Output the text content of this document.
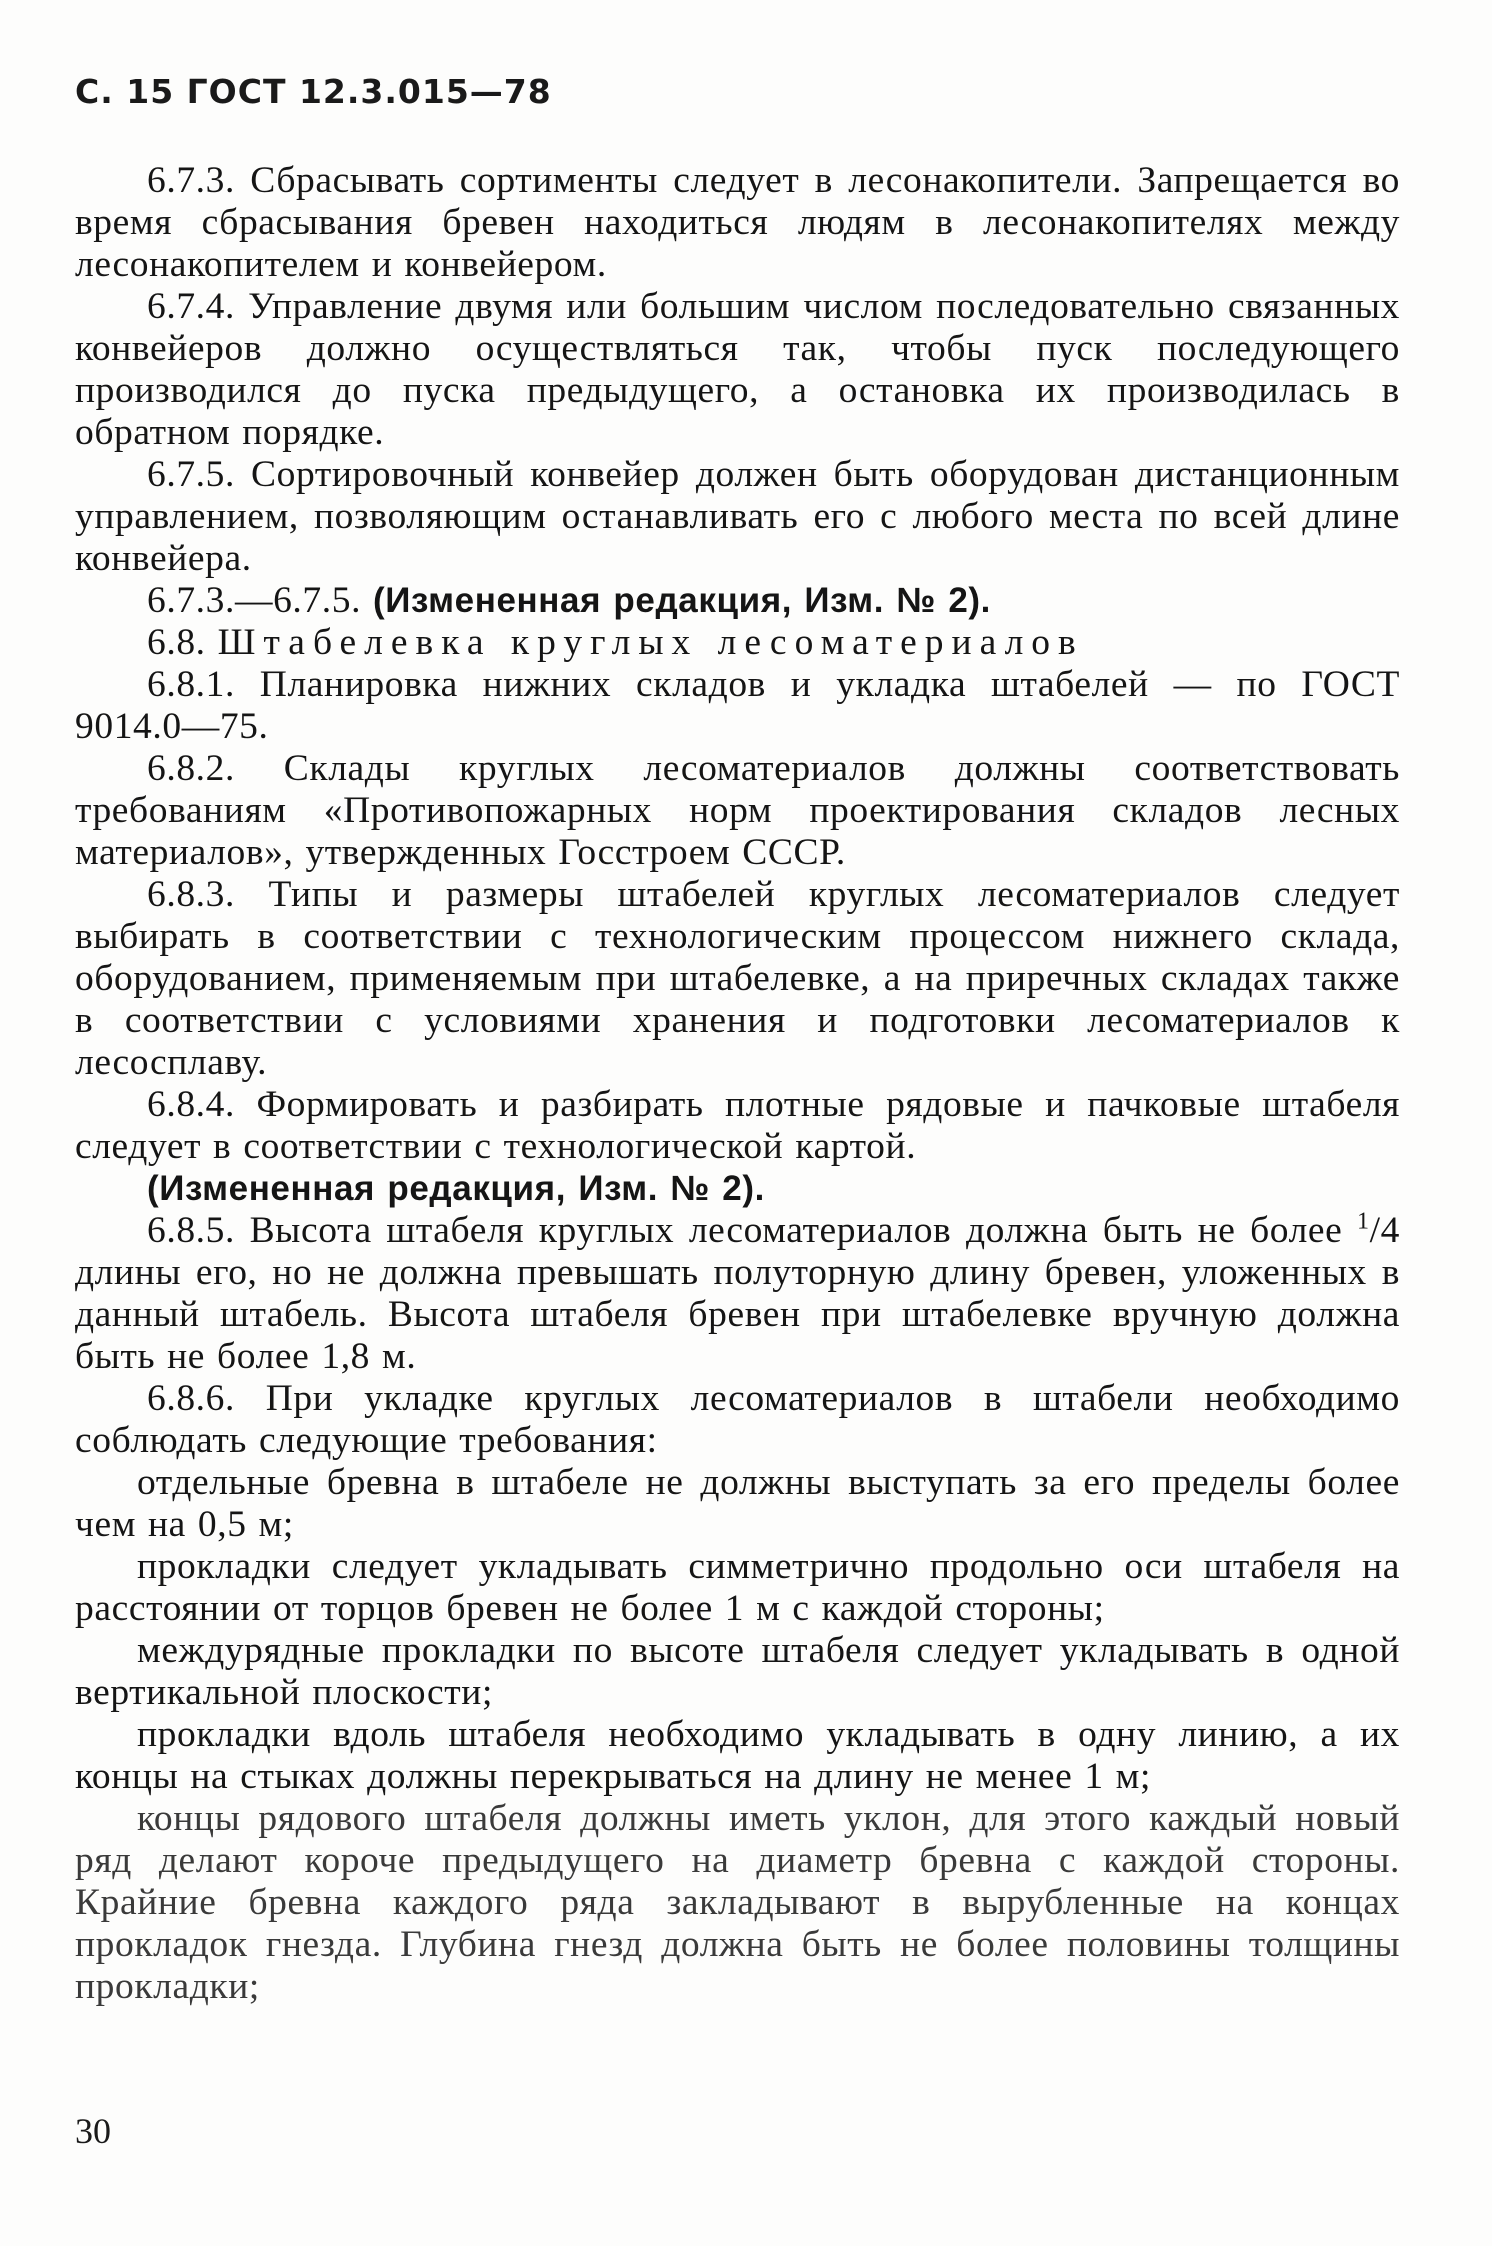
С. 15 ГОСТ 12.3.015—78

6.7.3. Сбрасывать сортименты следует в лесонакопители. Запрещается во время сбрасывания бревен находиться людям в лесонакопителях между лесонакопителем и конвейером.

6.7.4. Управление двумя или большим числом последовательно связанных конвейеров должно осуществляться так, чтобы пуск последующего производился до пуска предыдущего, а остановка их производилась в обратном порядке.

6.7.5. Сортировочный конвейер должен быть оборудован дистанционным управлением, позволяющим останавливать его с любого места по всей длине конвейера.

6.7.3.—6.7.5. (Измененная редакция, Изм. № 2).

6.8. Штабелевка круглых лесоматериалов

6.8.1. Планировка нижних складов и укладка штабелей — по ГОСТ 9014.0—75.

6.8.2. Склады круглых лесоматериалов должны соответствовать требованиям «Противопожарных норм проектирования складов лесных материалов», утвержденных Госстроем СССР.

6.8.3. Типы и размеры штабелей круглых лесоматериалов следует выбирать в соответствии с технологическим процессом нижнего склада, оборудованием, применяемым при штабелевке, а на приречных складах также в соответствии с условиями хранения и подготовки лесоматериалов к лесосплаву.

6.8.4. Формировать и разбирать плотные рядовые и пачковые штабеля следует в соответствии с технологической картой.

(Измененная редакция, Изм. № 2).

6.8.5. Высота штабеля круглых лесоматериалов должна быть не более $^1$/4 длины его, но не должна превышать полуторную длину бревен, уложенных в данный штабель. Высота штабеля бревен при штабелевке вручную должна быть не более 1,8 м.

6.8.6. При укладке круглых лесоматериалов в штабели необходимо соблюдать следующие требования:

отдельные бревна в штабеле не должны выступать за его пределы более чем на 0,5 м;

прокладки следует укладывать симметрично продольно оси штабеля на расстоянии от торцов бревен не более 1 м с каждой стороны;

междурядные прокладки по высоте штабеля следует укладывать в одной вертикальной плоскости;

прокладки вдоль штабеля необходимо укладывать в одну линию, а их концы на стыках должны перекрываться на длину не менее 1 м;

концы рядового штабеля должны иметь уклон, для этого каждый новый ряд делают короче предыдущего на диаметр бревна с каждой стороны. Крайние бревна каждого ряда закладывают в вырубленные на концах прокладок гнезда. Глубина гнезд должна быть не более половины толщины прокладки;

30
